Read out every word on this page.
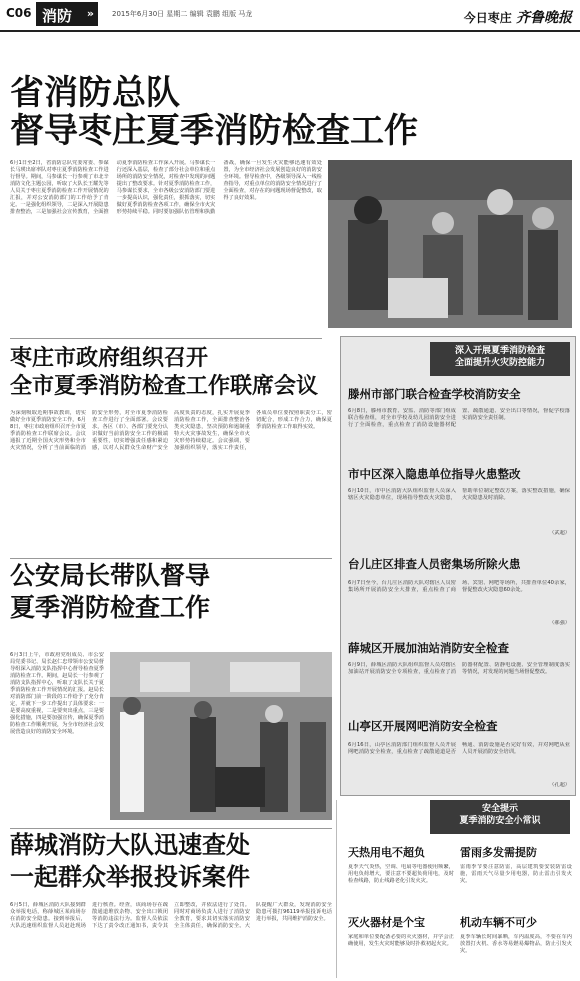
C06 消防 »	2015年6月30日 星期二 编辑 袁鹏 组版 马龙	今日枣庄 齐鲁晚报
省消防总队
督导枣庄夏季消防检查工作
6月1日至2日，省消防总队党委常委、参谋长马瑛出席率队对枣庄夏季消防检查工作进行督导。期间，马参谋长一行参观了市北辛消防文化主题公园，听取了大队长王耀先等人员关于枣庄夏季消防检查工作开展情况的汇报，并对公安消防部门的工作给予了肯定。一是强化组织领导，二是深入开展隐患排查整治，三是加强社会宣传教育，全面推动夏季消防检查工作深入开展。马参谋长一行还深入基层，检查了部分社会单位和重点场所的消防安全情况，对检查中发现的问题提出了整改要求。针对夏季消防检查工作，马参谋长要求，全市各级公安消防部门要进一步提高认识，强化责任，狠抓落实，切实做好夏季消防检查各项工作，确保全市火灾形势持续平稳。同时要加强队伍管理和执勤备战，确保一旦发生火灾能够迅速有效处置，为全市经济社会发展创造良好的消防安全环境。督导检查中，各级领导深入一线检查指导，对重点单位的消防安全情况进行了全面检查，对存在的问题现场督促整改，取得了良好效果。
枣庄市政府组织召开
全市夏季消防检查工作联席会议
为深刻吸取近期事故教训，切实做好全市夏季消防安全工作，6月8日，枣庄市政府组织召开全市夏季消防检查工作联席会议。会议通报了近期全国火灾形势和全市火灾情况，分析了当前面临的消防安全形势，对全市夏季消防检查工作进行了全面部署。会议要求，各区（市）、各部门要充分认识做好当前消防安全工作的极端重要性，切实增强责任感和紧迫感，以对人民群众生命财产安全高度负责的态度，扎实开展夏季消防检查工作，全面排查整治各类火灾隐患，坚决预防和遏制重特大火灾事故发生，确保全市火灾形势持续稳定。会议强调，要加强组织领导，落实工作责任，各成员单位要按照职责分工，密切配合，形成工作合力，确保夏季消防检查工作取得实效。
公安局长带队督导
夏季消防检查工作
6月3日上午，市政府党组成员、市公安局党委书记、局长赵仁忠带领市公安局督导组深入消防支队指挥中心督导检查夏季消防检查工作。期间，赵局长一行参观了消防支队指挥中心，听取了支队长关于夏季消防检查工作开展情况的汇报。赵局长对消防部门前一阶段的工作给予了充分肯定，并就下一步工作提出了具体要求：一是要高度重视，二是要突出重点，三是要强化措施，四是要加强宣传，确保夏季消防检查工作顺利开展，为全市经济社会发展营造良好的消防安全环境。
薛城消防大队迅速查处
一起群众举报投诉案件
6月5日，薛城区消防大队接到群众举报电话，称薛城区某商场存在消防安全隐患。接到举报后，大队迅速组织监督人员赶赴现场进行核查。经查，该商场存在疏散通道堆放杂物、安全出口锁闭等消防违法行为。监督人员依法下达了责令改正通知书，责令其立即整改，并依法进行了处罚。同时对商场负责人进行了消防安全教育，要求其切实落实消防安全主体责任，确保消防安全。大队提醒广大群众，发现消防安全隐患可拨打96119举报投诉电话进行举报，共同维护消防安全。
深入开展夏季消防检查
全面提升火灾防控能力
滕州市部门联合检查学校消防安全
6月8日，滕州市教育、安监、消防等部门组成联合检查组，对全市学校及幼儿园消防安全进行了全面检查，重点检查了消防设施器材配置、疏散通道、安全出口等情况，督促学校落实消防安全责任制。
市中区深入隐患单位指导火患整改
6月10日，市中区消防大队组织监督人员深入辖区火灾隐患单位，现场指导整改火灾隐患，帮助单位制定整改方案，落实整改措施，确保火灾隐患及时消除。
（武超）
台儿庄区排查人员密集场所除火患
6月7日至今，台儿庄区消防大队对辖区人员密集场所开展消防安全大排查，重点检查了商场、宾馆、网吧等场所，共排查单位40余家，督促整改火灾隐患60余处。
（郝强）
薛城区开展加油站消防安全检查
6月9日，薛城区消防大队组织监督人员对辖区加油站开展消防安全专项检查，重点检查了消防器材配置、防静电设施、安全管理制度落实等情况，对发现的问题当场督促整改。
山亭区开展网吧消防安全检查
6月16日，山亭区消防部门组织监督人员开展网吧消防安全检查，重点检查了疏散通道是否畅通、消防设施是否完好有效，并对网吧从业人员开展消防安全培训。
（孔超）
安全提示
夏季消防安全小常识
天热用电不超负	雷雨多发需提防
夏季天气炎热，空调、电扇等电器使用频繁，用电负荷增大，要注意不要超负荷用电，及时检查线路，防止线路老化引发火灾。
雷雨季节要注意防雷，高层建筑要安装防雷设施，雷雨天气尽量少用电器，防止雷击引发火灾。
灭火器材是个宝	机动车辆不可少
家庭和单位要配备必要的灭火器材，并学会正确使用，发生火灾时能够及时扑救初起火灾。
夏季车辆长时间暴晒，车内温度高，不要在车内放置打火机、香水等易燃易爆物品，防止引发火灾。
